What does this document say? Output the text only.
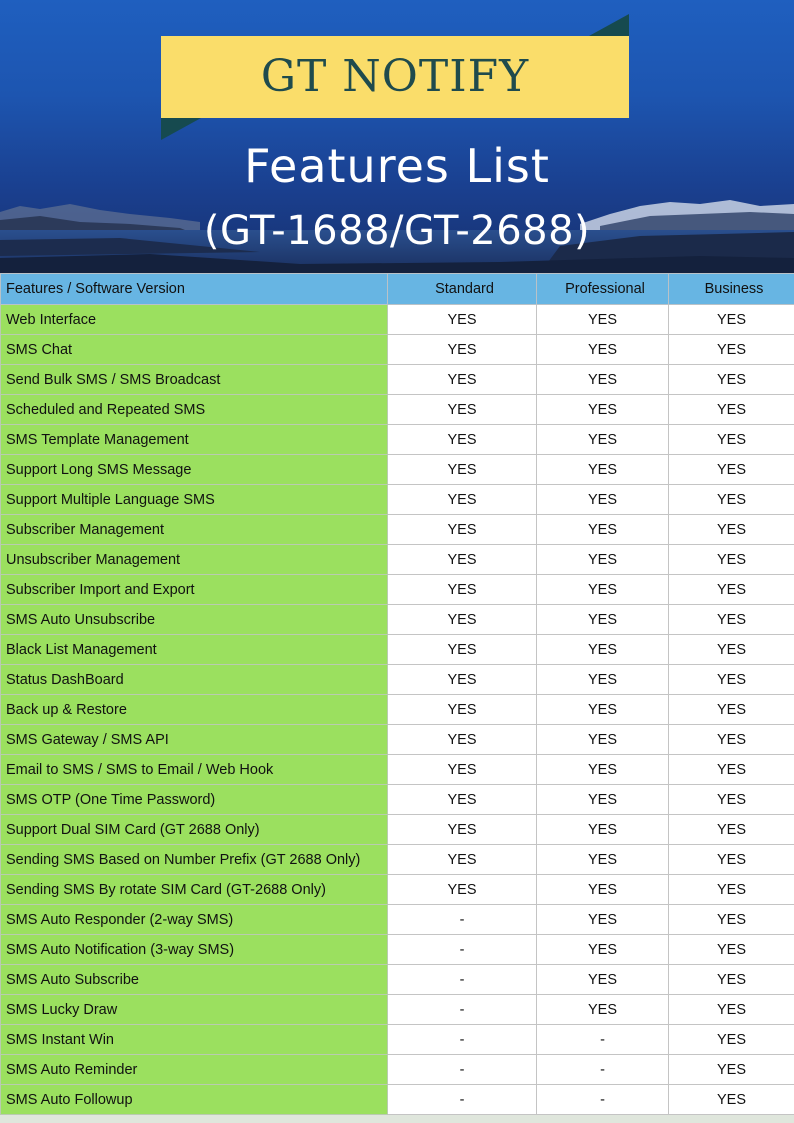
GT NOTIFY
Features List
(GT-1688/GT-2688)
Features / Software Version	Standard	Professional	Business
Web Interface	YES	YES	YES
SMS Chat	YES	YES	YES
Send Bulk SMS / SMS Broadcast	YES	YES	YES
Scheduled and Repeated SMS	YES	YES	YES
SMS Template Management	YES	YES	YES
Support Long SMS Message	YES	YES	YES
Support Multiple Language SMS	YES	YES	YES
Subscriber Management	YES	YES	YES
Unsubscriber Management	YES	YES	YES
Subscriber Import and Export	YES	YES	YES
SMS Auto Unsubscribe	YES	YES	YES
Black List Management	YES	YES	YES
Status DashBoard	YES	YES	YES
Back up & Restore	YES	YES	YES
SMS Gateway / SMS API	YES	YES	YES
Email to SMS / SMS to Email / Web Hook	YES	YES	YES
SMS OTP (One Time Password)	YES	YES	YES
Support Dual SIM Card (GT 2688 Only)	YES	YES	YES
Sending SMS Based on Number Prefix (GT 2688 Only)	YES	YES	YES
Sending SMS By rotate SIM Card (GT-2688 Only)	YES	YES	YES
SMS Auto Responder (2-way SMS)	-	YES	YES
SMS Auto Notification (3-way SMS)	-	YES	YES
SMS Auto Subscribe	-	YES	YES
SMS Lucky Draw	-	YES	YES
SMS Instant Win	-	-	YES
SMS Auto Reminder	-	-	YES
SMS Auto Followup	-	-	YES
